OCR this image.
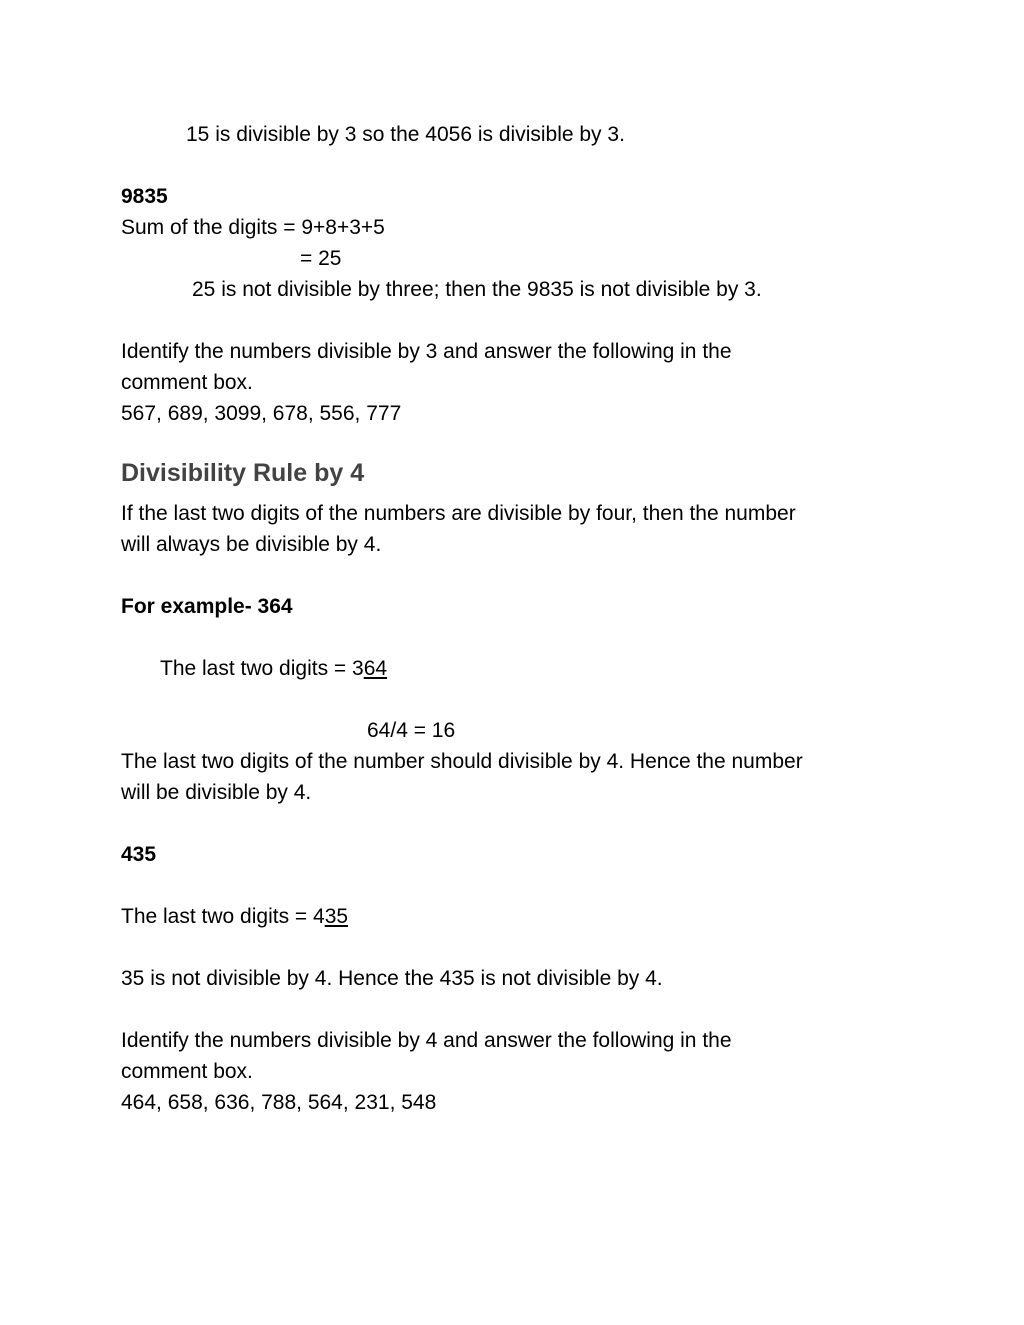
15 is divisible by 3 so the 4056 is divisible by 3.
9835
Sum of the digits = 9+8+3+5
= 25
25 is not divisible by three; then the 9835 is not divisible by 3.
Identify the numbers divisible by 3 and answer the following in the
comment box.
567, 689, 3099, 678, 556, 777
Divisibility Rule by 4
If the last two digits of the numbers are divisible by four, then the number
will always be divisible by 4.
For example- 364
The last two digits = 364
64/4 = 16
The last two digits of the number should divisible by 4. Hence the number
will be divisible by 4.
435
The last two digits = 435
35 is not divisible by 4. Hence the 435 is not divisible by 4.
Identify the numbers divisible by 4 and answer the following in the
comment box.
464, 658, 636, 788, 564, 231, 548
